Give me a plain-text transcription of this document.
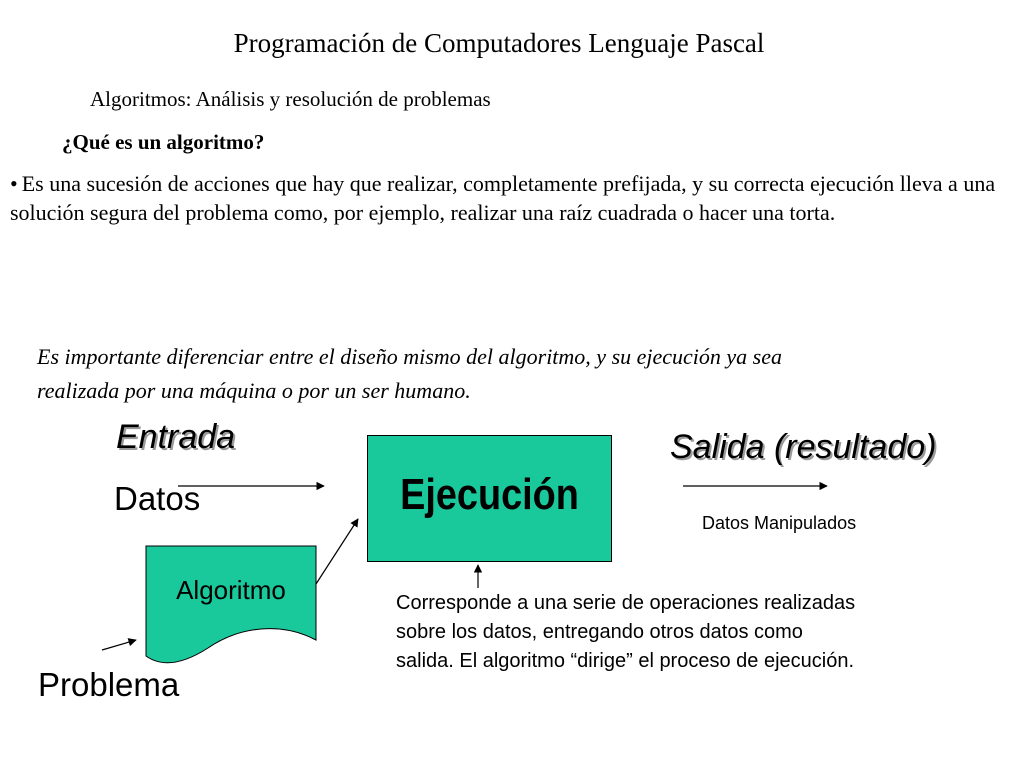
Programación de Computadores Lenguaje Pascal
Algoritmos: Análisis y resolución de problemas
¿Qué es un algoritmo?
• Es una sucesión de acciones que hay que realizar, completamente prefijada, y su correcta ejecución lleva a una solución segura del problema como, por ejemplo, realizar una raíz cuadrada o hacer una torta.
Es importante diferenciar entre el diseño mismo del algoritmo, y su ejecución ya sea realizada por una máquina o por un ser humano.
Entrada	Salida (resultado)
Datos	Ejecución
Datos Manipulados
Algoritmo
Problema
Corresponde a una serie de operaciones realizadas sobre los datos, entregando otros datos como salida. El algoritmo “dirige” el proceso de ejecución.
